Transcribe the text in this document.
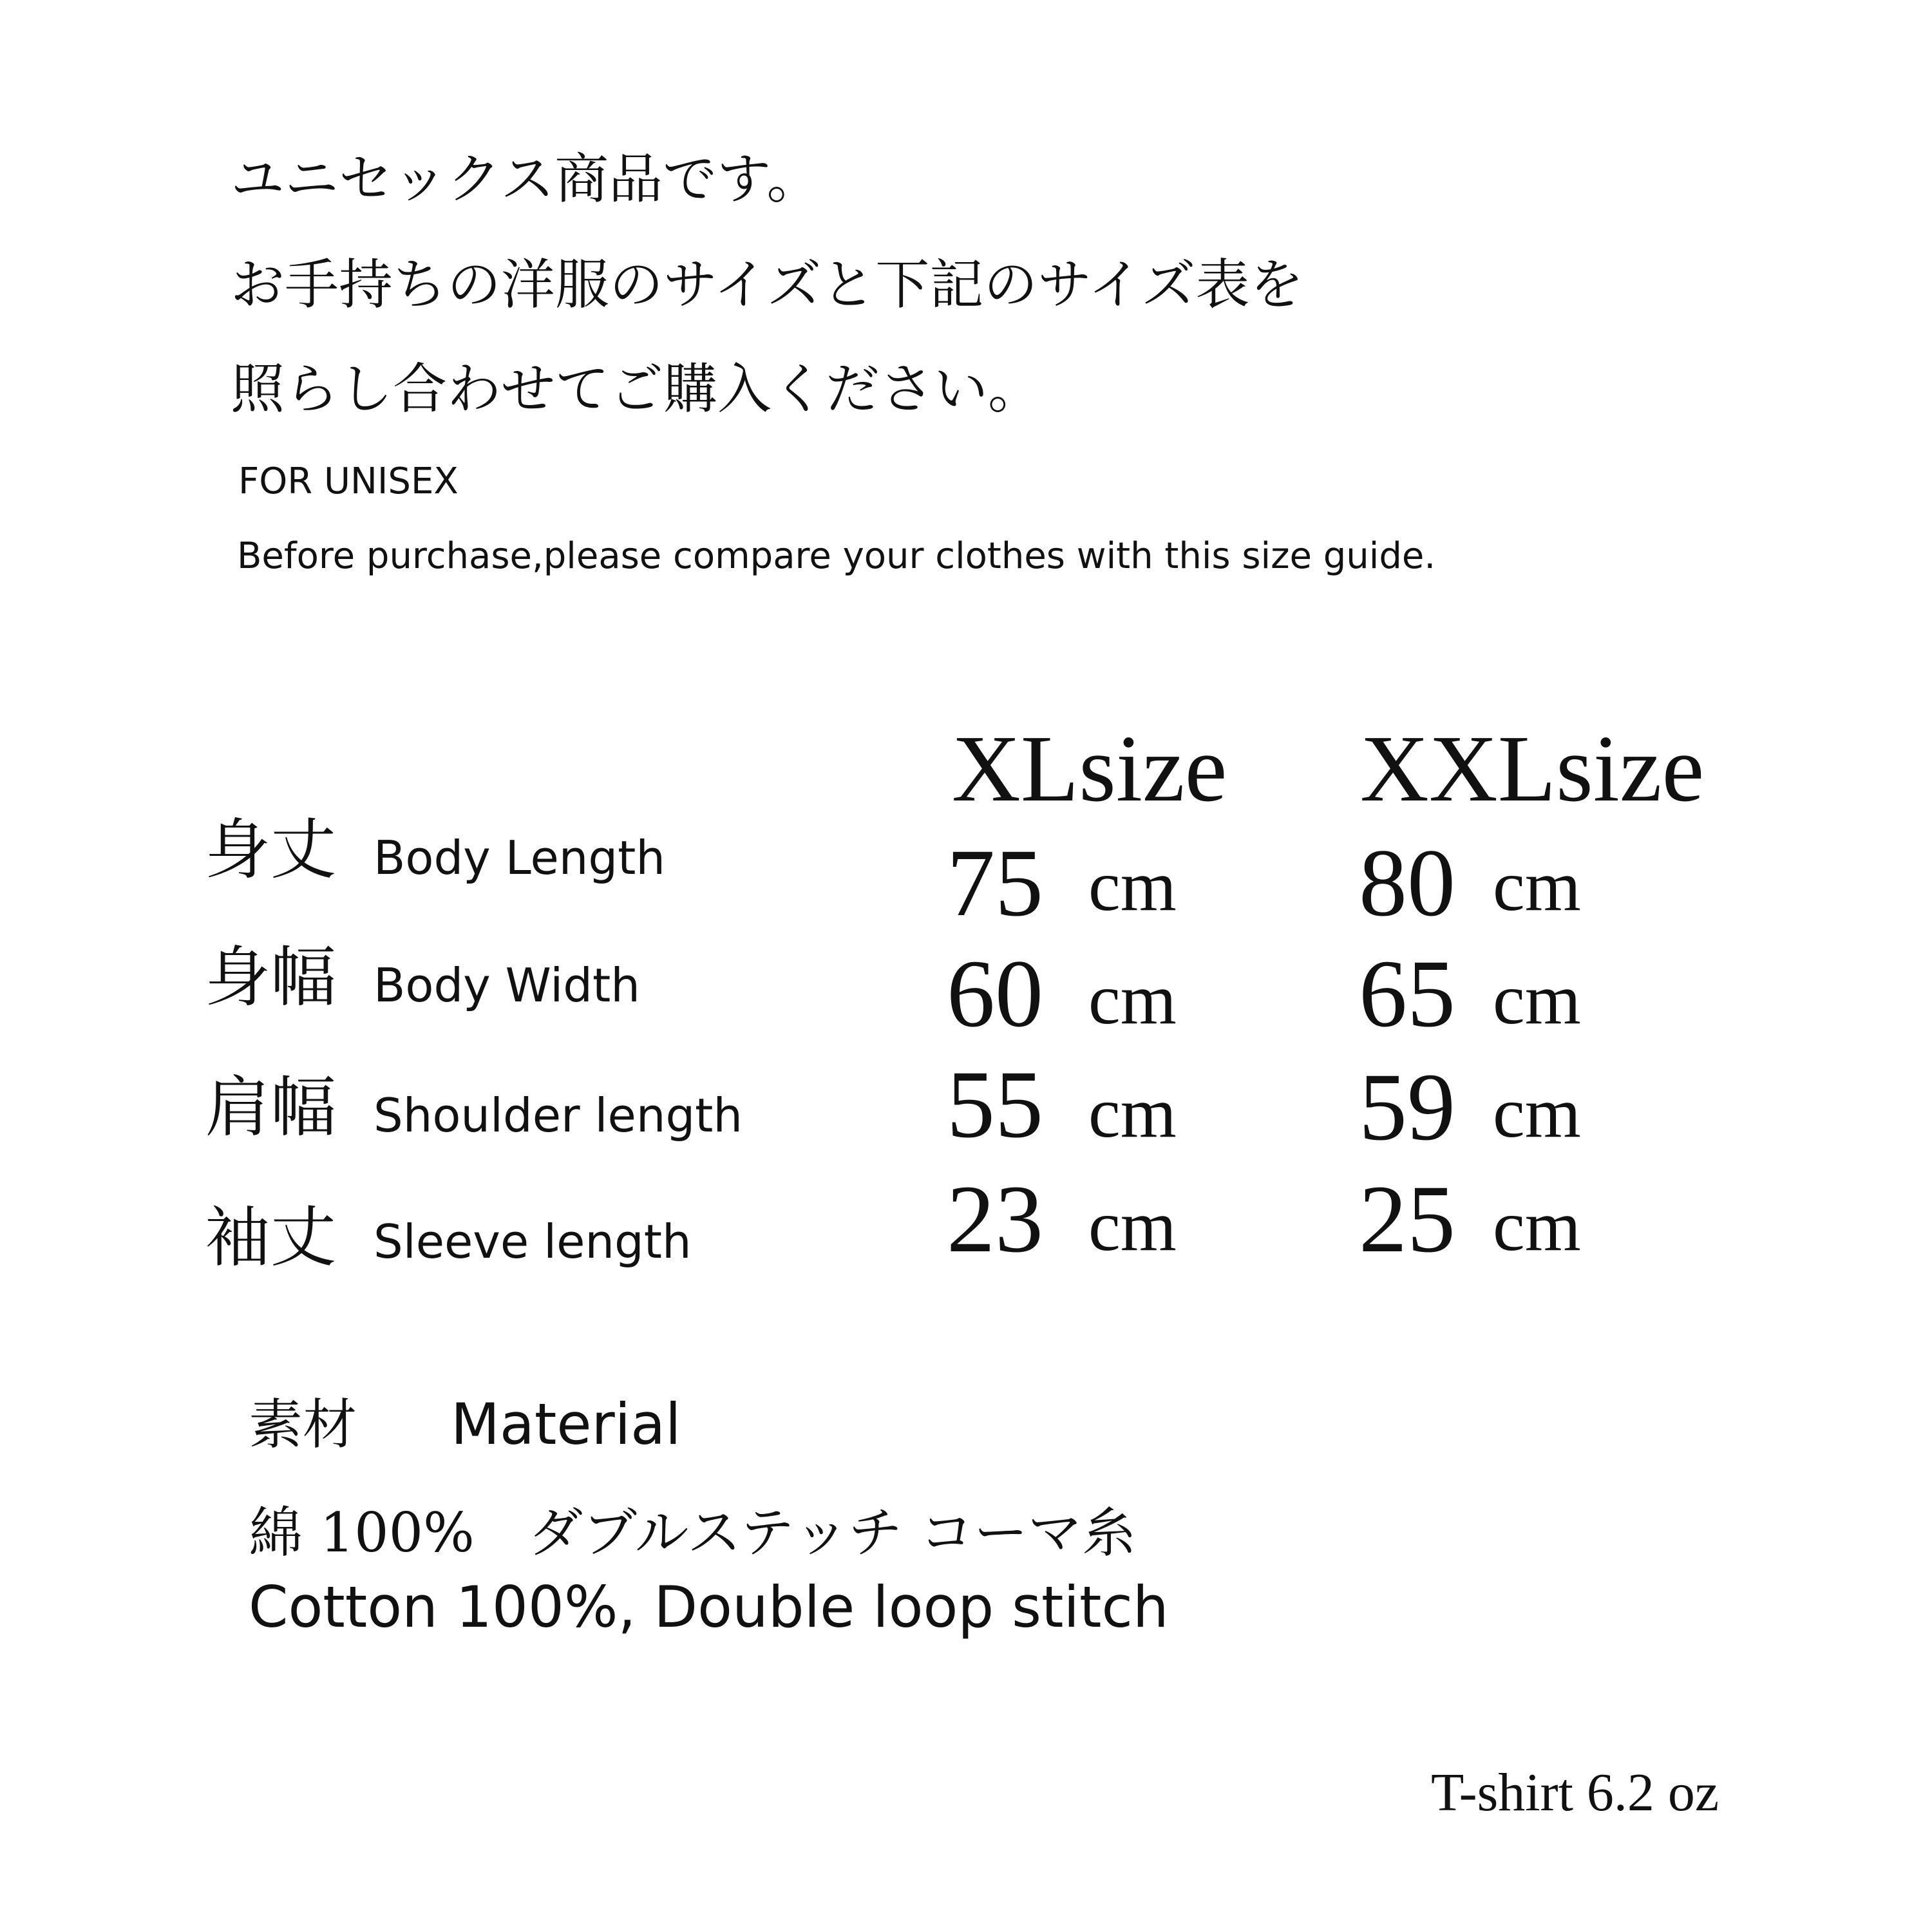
ユニセックス商品です。
お手持ちの洋服のサイズと下記のサイズ表を
照らし合わせてご購入ください。
FOR UNISEX
Before purchase,please compare your clothes with this size guide.
XLsize XXLsize
身丈 Body Length	75 cm 80 cm
身幅 Body Width	60 cm 65 cm
肩幅 Shoulder length 55 cm 59 cm
袖丈 Sleeve length	23 cm 25 cm
素材 Material
綿 100%　ダブルステッチ コーマ糸
Cotton 100%, Double loop stitch
T-shirt 6.2 oz
